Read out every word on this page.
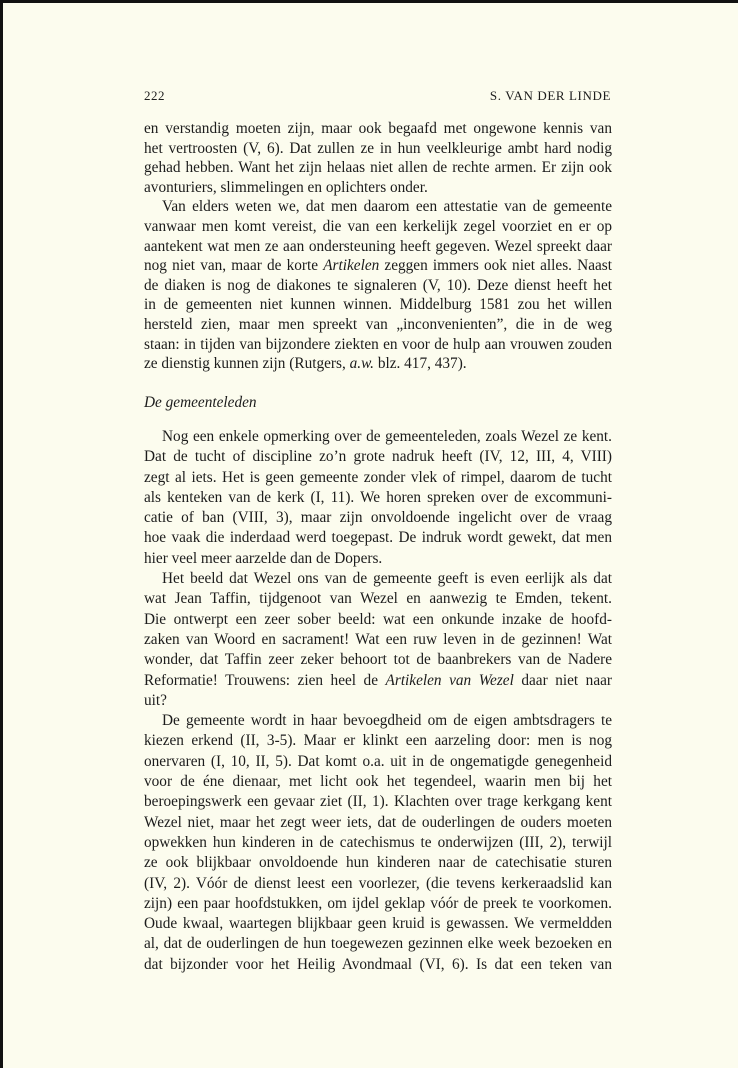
222	S. VAN DER LINDE
en verstandig moeten zijn, maar ook begaafd met ongewone kennis van
het vertroosten (V, 6). Dat zullen ze in hun veelkleurige ambt hard nodig
gehad hebben. Want het zijn helaas niet allen de rechte armen. Er zijn ook
avonturiers, slimmelingen en oplichters onder.
Van elders weten we, dat men daarom een attestatie van de gemeente
vanwaar men komt vereist, die van een kerkelijk zegel voorziet en er op
aantekent wat men ze aan ondersteuning heeft gegeven. Wezel spreekt daar
nog niet van, maar de korte Artikelen zeggen immers ook niet alles. Naast
de diaken is nog de diakones te signaleren (V, 10). Deze dienst heeft het
in de gemeenten niet kunnen winnen. Middelburg 1581 zou het willen
hersteld zien, maar men spreekt van „inconvenienten”, die in de weg
staan: in tijden van bijzondere ziekten en voor de hulp aan vrouwen zouden
ze dienstig kunnen zijn (Rutgers, a.w. blz. 417, 437).
De gemeenteleden
Nog een enkele opmerking over de gemeenteleden, zoals Wezel ze kent.
Dat de tucht of discipline zo’n grote nadruk heeft (IV, 12, III, 4, VIII)
zegt al iets. Het is geen gemeente zonder vlek of rimpel, daarom de tucht
als kenteken van de kerk (I, 11). We horen spreken over de excommuni-
catie of ban (VIII, 3), maar zijn onvoldoende ingelicht over de vraag
hoe vaak die inderdaad werd toegepast. De indruk wordt gewekt, dat men
hier veel meer aarzelde dan de Dopers.
Het beeld dat Wezel ons van de gemeente geeft is even eerlijk als dat
wat Jean Taffin, tijdgenoot van Wezel en aanwezig te Emden, tekent.
Die ontwerpt een zeer sober beeld: wat een onkunde inzake de hoofd-
zaken van Woord en sacrament! Wat een ruw leven in de gezinnen! Wat
wonder, dat Taffin zeer zeker behoort tot de baanbrekers van de Nadere
Reformatie! Trouwens: zien heel de Artikelen van Wezel daar niet naar
uit?
De gemeente wordt in haar bevoegdheid om de eigen ambtsdragers te
kiezen erkend (II, 3-5). Maar er klinkt een aarzeling door: men is nog
onervaren (I, 10, II, 5). Dat komt o.a. uit in de ongematigde genegenheid
voor de éne dienaar, met licht ook het tegendeel, waarin men bij het
beroepingswerk een gevaar ziet (II, 1). Klachten over trage kerkgang kent
Wezel niet, maar het zegt weer iets, dat de ouderlingen de ouders moeten
opwekken hun kinderen in de catechismus te onderwijzen (III, 2), terwijl
ze ook blijkbaar onvoldoende hun kinderen naar de catechisatie sturen
(IV, 2). Vóór de dienst leest een voorlezer, (die tevens kerkeraadslid kan
zijn) een paar hoofdstukken, om ijdel geklap vóór de preek te voorkomen.
Oude kwaal, waartegen blijkbaar geen kruid is gewassen. We vermeldden
al, dat de ouderlingen de hun toegewezen gezinnen elke week bezoeken en
dat bijzonder voor het Heilig Avondmaal (VI, 6). Is dat een teken van
